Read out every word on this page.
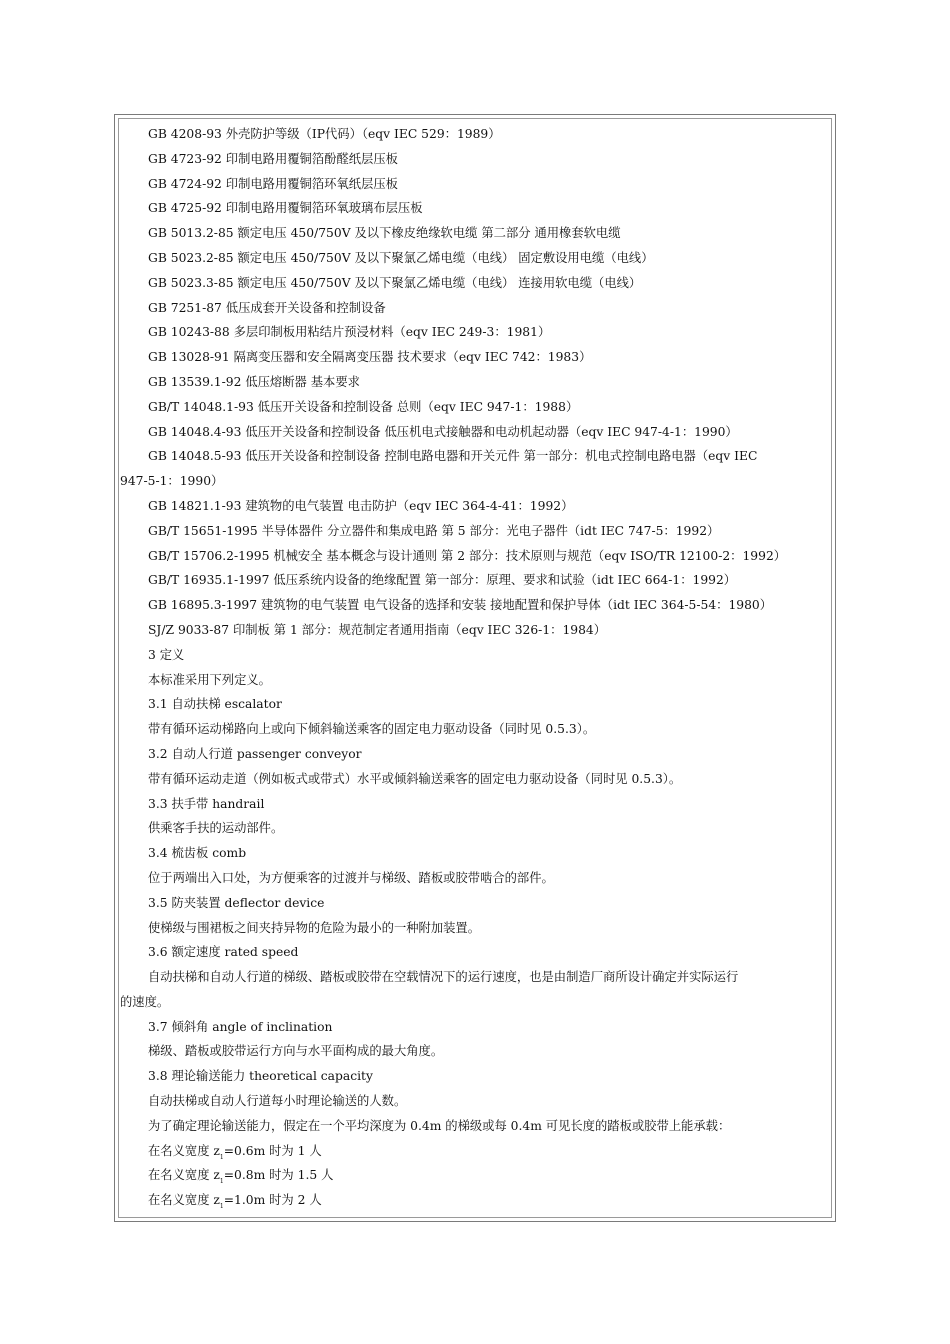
GB 4208-93 外壳防护等级（IP代码）（eqv IEC 529：1989）
GB 4723-92 印制电路用覆铜箔酚醛纸层压板
GB 4724-92 印制电路用覆铜箔环氧纸层压板
GB 4725-92 印制电路用覆铜箔环氧玻璃布层压板
GB 5013.2-85 额定电压 450/750V 及以下橡皮绝缘软电缆 第二部分 通用橡套软电缆
GB 5023.2-85 额定电压 450/750V 及以下聚氯乙烯电缆（电线） 固定敷设用电缆（电线）
GB 5023.3-85 额定电压 450/750V 及以下聚氯乙烯电缆（电线） 连接用软电缆（电线）
GB 7251-87 低压成套开关设备和控制设备
GB 10243-88 多层印制板用粘结片预浸材料（eqv IEC 249-3：1981）
GB 13028-91 隔离变压器和安全隔离变压器 技术要求（eqv IEC 742：1983）
GB 13539.1-92 低压熔断器 基本要求
GB/T 14048.1-93 低压开关设备和控制设备 总则（eqv IEC 947-1：1988）
GB 14048.4-93 低压开关设备和控制设备 低压机电式接触器和电动机起动器（eqv IEC 947-4-1：1990）
GB 14048.5-93 低压开关设备和控制设备 控制电路电器和开关元件 第一部分：机电式控制电路电器（eqv IEC
947-5-1：1990）
GB 14821.1-93 建筑物的电气装置 电击防护（eqv IEC 364-4-41：1992）
GB/T 15651-1995 半导体器件 分立器件和集成电路 第 5 部分：光电子器件（idt IEC 747-5：1992）
GB/T 15706.2-1995 机械安全 基本概念与设计通则 第 2 部分：技术原则与规范（eqv ISO/TR 12100-2：1992）
GB/T 16935.1-1997 低压系统内设备的绝缘配置 第一部分：原理、要求和试验（idt IEC 664-1：1992）
GB 16895.3-1997 建筑物的电气装置 电气设备的选择和安装 接地配置和保护导体（idt IEC 364-5-54：1980）
SJ/Z 9033-87 印制板 第 1 部分：规范制定者通用指南（eqv IEC 326-1：1984）
3 定义
本标准采用下列定义。
3.1 自动扶梯 escalator
带有循环运动梯路向上或向下倾斜输送乘客的固定电力驱动设备（同时见 0.5.3）。
3.2 自动人行道 passenger conveyor
带有循环运动走道（例如板式或带式）水平或倾斜输送乘客的固定电力驱动设备（同时见 0.5.3）。
3.3 扶手带 handrail
供乘客手扶的运动部件。
3.4 梳齿板 comb
位于两端出入口处，为方便乘客的过渡并与梯级、踏板或胶带啮合的部件。
3.5 防夹装置 deflector device
使梯级与围裙板之间夹持异物的危险为最小的一种附加装置。
3.6 额定速度 rated speed
自动扶梯和自动人行道的梯级、踏板或胶带在空载情况下的运行速度，也是由制造厂商所设计确定并实际运行
的速度。
3.7 倾斜角 angle of inclination
梯级、踏板或胶带运行方向与水平面构成的最大角度。
3.8 理论输送能力 theoretical capacity
自动扶梯或自动人行道每小时理论输送的人数。
为了确定理论输送能力，假定在一个平均深度为 0.4m 的梯级或每 0.4m 可见长度的踏板或胶带上能承载：
在名义宽度 $z_1=0.6m$ 时为 1 人
在名义宽度 $z_1=0.8m$ 时为 1.5 人
在名义宽度 $z_1=1.0m$ 时为 2 人
